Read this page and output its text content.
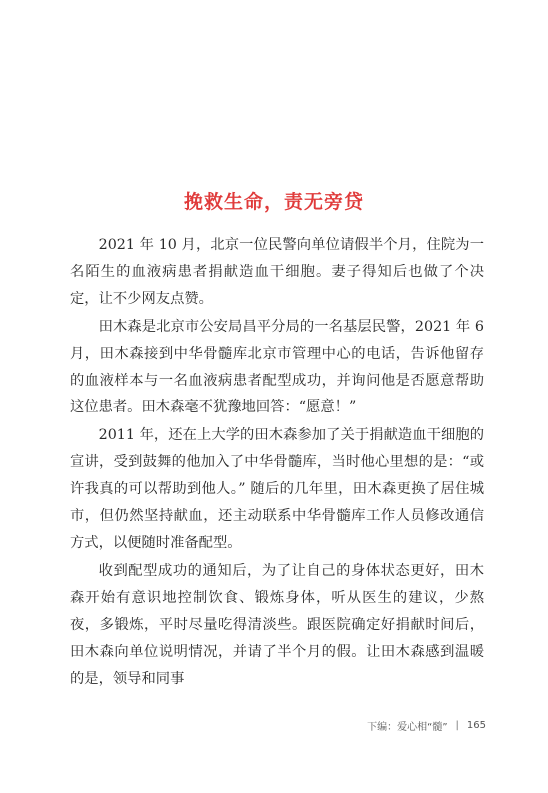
挽救生命，责无旁贷

2021 年 10 月，北京一位民警向单位请假半个月，住院为一名陌生的血液病患者捐献造血干细胞。妻子得知后也做了个决定，让不少网友点赞。

田木森是北京市公安局昌平分局的一名基层民警，2021 年 6 月，田木森接到中华骨髓库北京市管理中心的电话，告诉他留存的血液样本与一名血液病患者配型成功，并询问他是否愿意帮助这位患者。田木森毫不犹豫地回答：“愿意！”

2011 年，还在上大学的田木森参加了关于捐献造血干细胞的宣讲，受到鼓舞的他加入了中华骨髓库，当时他心里想的是：“或许我真的可以帮助到他人。” 随后的几年里，田木森更换了居住城市，但仍然坚持献血，还主动联系中华骨髓库工作人员修改通信方式，以便随时准备配型。

收到配型成功的通知后，为了让自己的身体状态更好，田木森开始有意识地控制饮食、锻炼身体，听从医生的建议，少熬夜，多锻炼，平时尽量吃得清淡些。跟医院确定好捐献时间后，田木森向单位说明情况，并请了半个月的假。让田木森感到温暖的是，领导和同事

下编：爱心相“髓” | 165
